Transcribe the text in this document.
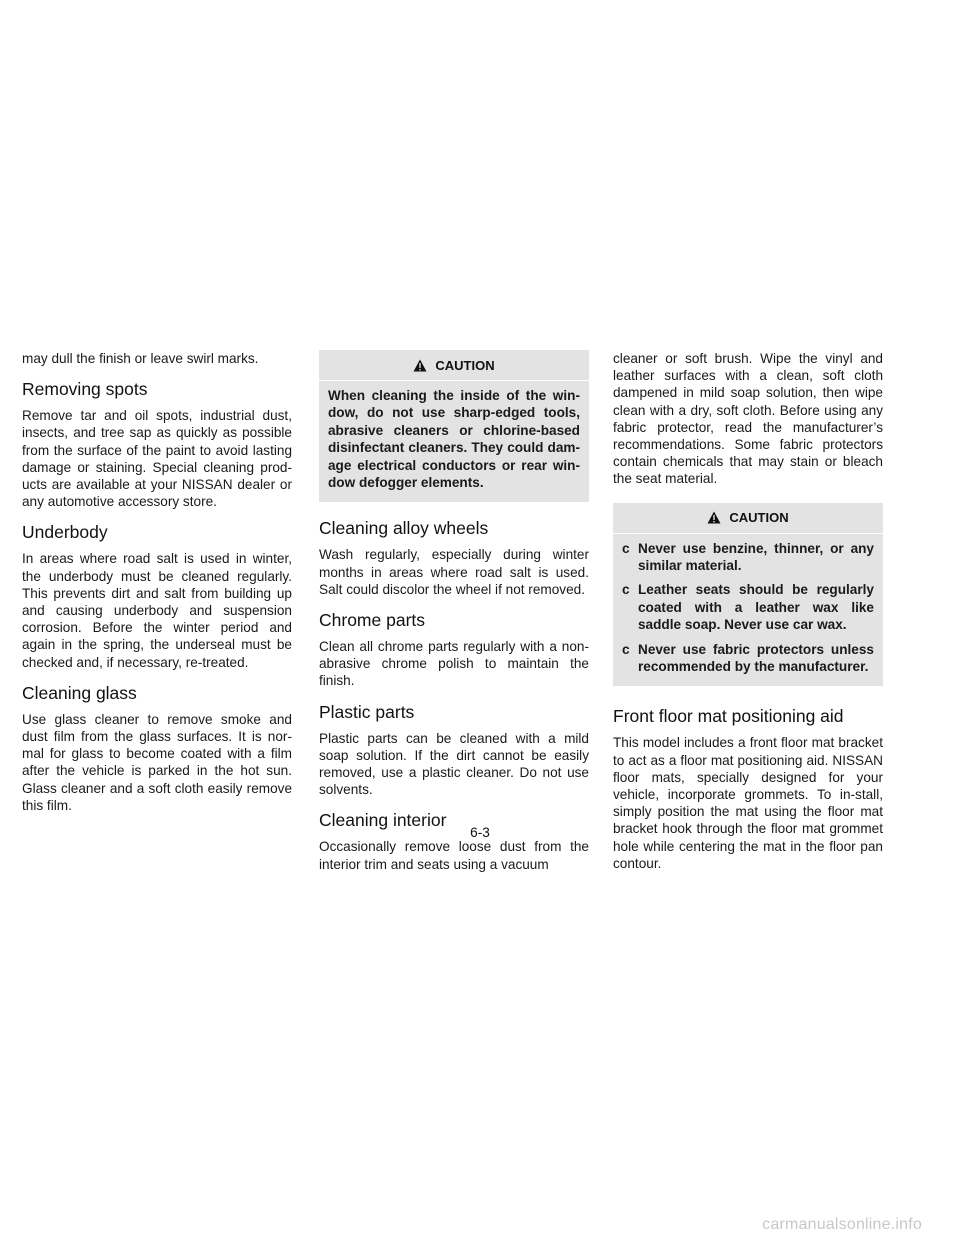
may dull the finish or leave swirl marks.

Removing spots

Remove tar and oil spots, industrial dust, insects, and tree sap as quickly as possible from the surface of the paint to avoid lasting damage or staining. Special cleaning prod-ucts are available at your NISSAN dealer or any automotive accessory store.

Underbody

In areas where road salt is used in winter, the underbody must be cleaned regularly. This prevents dirt and salt from building up and causing underbody and suspension corrosion. Before the winter period and again in the spring, the underseal must be checked and, if necessary, re-treated.

Cleaning glass

Use glass cleaner to remove smoke and dust film from the glass surfaces. It is nor-mal for glass to become coated with a film after the vehicle is parked in the hot sun. Glass cleaner and a soft cloth easily remove this film.

CAUTION
When cleaning the inside of the win-dow, do not use sharp-edged tools, abrasive cleaners or chlorine-based disinfectant cleaners. They could dam-age electrical conductors or rear win-dow defogger elements.
Cleaning alloy wheels

Wash regularly, especially during winter months in areas where road salt is used. Salt could discolor the wheel if not removed.

Chrome parts

Clean all chrome parts regularly with a non-abrasive chrome polish to maintain the finish.

Plastic parts

Plastic parts can be cleaned with a mild soap solution. If the dirt cannot be easily removed, use a plastic cleaner. Do not use solvents.

Cleaning interior

Occasionally remove loose dust from the interior trim and seats using a vacuum

cleaner or soft brush. Wipe the vinyl and leather surfaces with a clean, soft cloth dampened in mild soap solution, then wipe clean with a dry, soft cloth. Before using any fabric protector, read the manufacturer’s recommendations. Some fabric protectors contain chemicals that may stain or bleach the seat material.

CAUTION
c Never use benzine, thinner, or any similar material.
c Leather seats should be regularly coated with a leather wax like saddle soap. Never use car wax.
c Never use fabric protectors unless recommended by the manufacturer.
Front floor mat positioning aid

This model includes a front floor mat bracket to act as a floor mat positioning aid. NISSAN floor mats, specially designed for your vehicle, incorporate grommets. To in-stall, simply position the mat using the floor mat bracket hook through the floor mat grommet hole while centering the mat in the floor pan contour.

6-3
carmanualsonline.info
